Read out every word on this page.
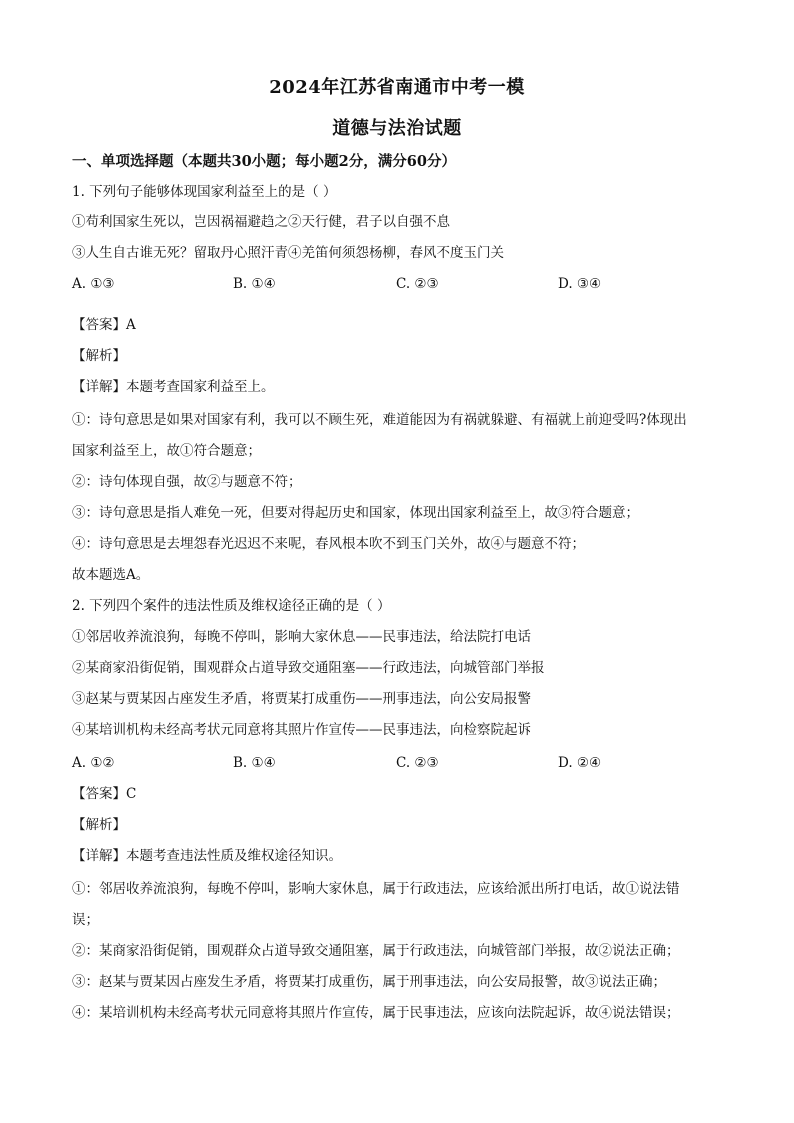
2024年江苏省南通市中考一模
道德与法治试题
一、单项选择题（本题共30小题；每小题2分，满分60分）
1. 下列句子能够体现国家利益至上的是（ ）
①苟利国家生死以，岂因祸福避趋之②天行健，君子以自强不息
③人生自古谁无死？留取丹心照汗青④羌笛何须怨杨柳，春风不度玉门关
A. ①③	B. ①④	C. ②③	D. ③④
【答案】A
【解析】
【详解】本题考查国家利益至上。
①：诗句意思是如果对国家有利，我可以不顾生死，难道能因为有祸就躲避、有福就上前迎受吗?体现出
国家利益至上，故①符合题意；
②：诗句体现自强，故②与题意不符；
③：诗句意思是指人难免一死，但要对得起历史和国家，体现出国家利益至上，故③符合题意；
④：诗句意思是去埋怨春光迟迟不来呢，春风根本吹不到玉门关外，故④与题意不符；
故本题选A。
2. 下列四个案件的违法性质及维权途径正确的是（ ）
①邻居收养流浪狗，每晚不停叫，影响大家休息——民事违法，给法院打电话
②某商家沿街促销，围观群众占道导致交通阻塞——行政违法，向城管部门举报
③赵某与贾某因占座发生矛盾，将贾某打成重伤——刑事违法，向公安局报警
④某培训机构未经高考状元同意将其照片作宣传——民事违法，向检察院起诉
A. ①②	B. ①④	C. ②③	D. ②④
【答案】C
【解析】
【详解】本题考查违法性质及维权途径知识。
①：邻居收养流浪狗，每晚不停叫，影响大家休息，属于行政违法，应该给派出所打电话，故①说法错
误；
②：某商家沿街促销，围观群众占道导致交通阻塞，属于行政违法，向城管部门举报，故②说法正确；
③：赵某与贾某因占座发生矛盾，将贾某打成重伤，属于刑事违法，向公安局报警，故③说法正确；
④：某培训机构未经高考状元同意将其照片作宣传，属于民事违法，应该向法院起诉，故④说法错误；
